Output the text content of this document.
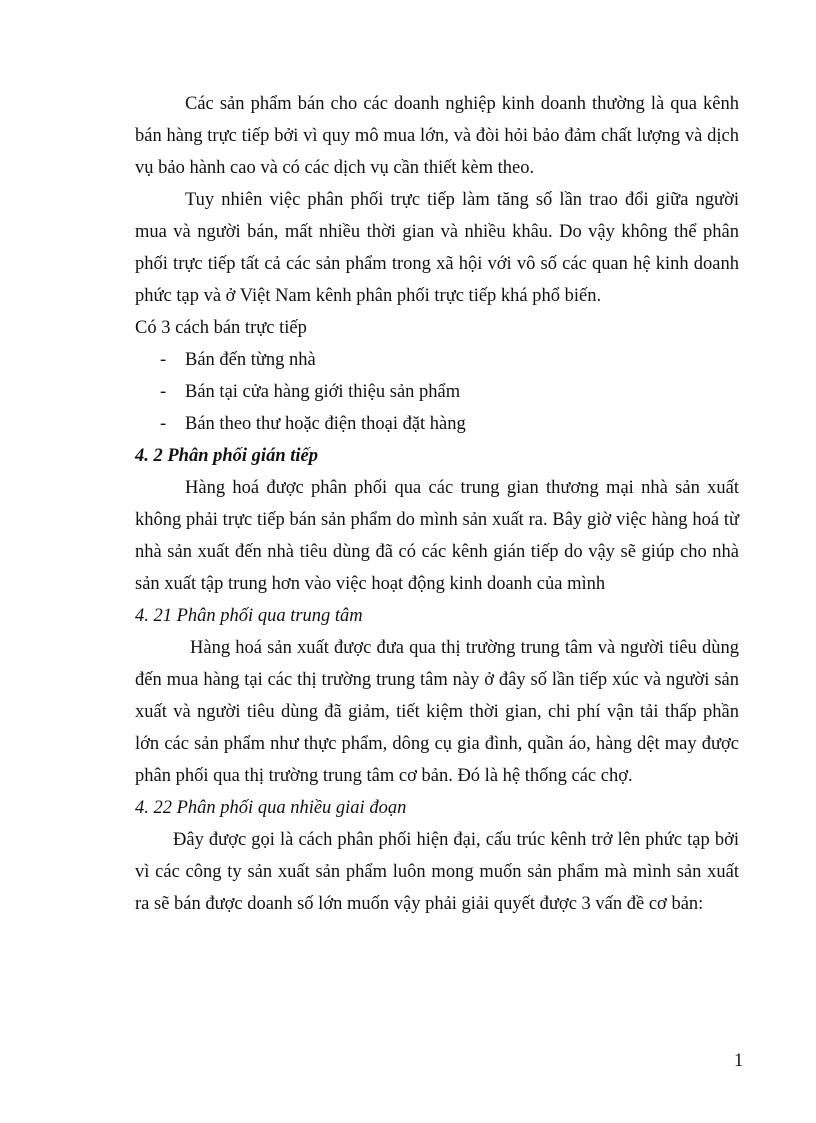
Các sản phẩm bán cho các doanh nghiệp kinh doanh thường là qua kênh bán hàng trực tiếp bởi vì quy mô mua lớn, và đòi hỏi bảo đảm chất lượng và dịch vụ bảo hành cao và có các dịch vụ cần thiết kèm theo.

Tuy nhiên việc phân phối trực tiếp làm tăng số lần trao đổi giữa người mua và người bán, mất nhiều thời gian và nhiều khâu. Do vậy không thể phân phối trực tiếp tất cả các sản phẩm trong xã hội với vô số các quan hệ kinh doanh phức tạp và ở Việt Nam kênh phân phối trực tiếp khá phổ biến.

Có 3 cách bán trực tiếp

- Bán đến từng nhà
- Bán tại cửa hàng giới thiệu sản phẩm
- Bán theo thư hoặc điện thoại đặt hàng

4. 2 Phân phối gián tiếp

Hàng hoá được phân phối qua các trung gian thương mại nhà sản xuất không phải trực tiếp bán sản phẩm do mình sản xuất ra. Bây giờ việc hàng hoá từ nhà sản xuất đến nhà tiêu dùng đã có các kênh gián tiếp do vậy sẽ giúp cho nhà sản xuất tập trung hơn vào việc hoạt động kinh doanh của mình

4. 21 Phân phối qua trung tâm

Hàng hoá sản xuất được đưa qua thị trường trung tâm và người tiêu dùng đến mua hàng tại các thị trường trung tâm này ở đây số lần tiếp xúc và người sản xuất và người tiêu dùng đã giảm, tiết kiệm thời gian, chi phí vận tải thấp phần lớn các sản phẩm như thực phẩm, dông cụ gia đình, quần áo, hàng dệt may được phân phối qua thị trường trung tâm cơ bản. Đó là hệ thống các chợ.

4. 22 Phân phối qua nhiều giai đoạn

Đây được gọi là cách phân phối hiện đại, cấu trúc kênh trở lên phức tạp bởi vì các công ty sản xuất sản phẩm luôn mong muốn sản phẩm mà mình sản xuất ra sẽ bán được doanh số lớn muốn vậy phải giải quyết được 3 vấn đề cơ bản:

1
